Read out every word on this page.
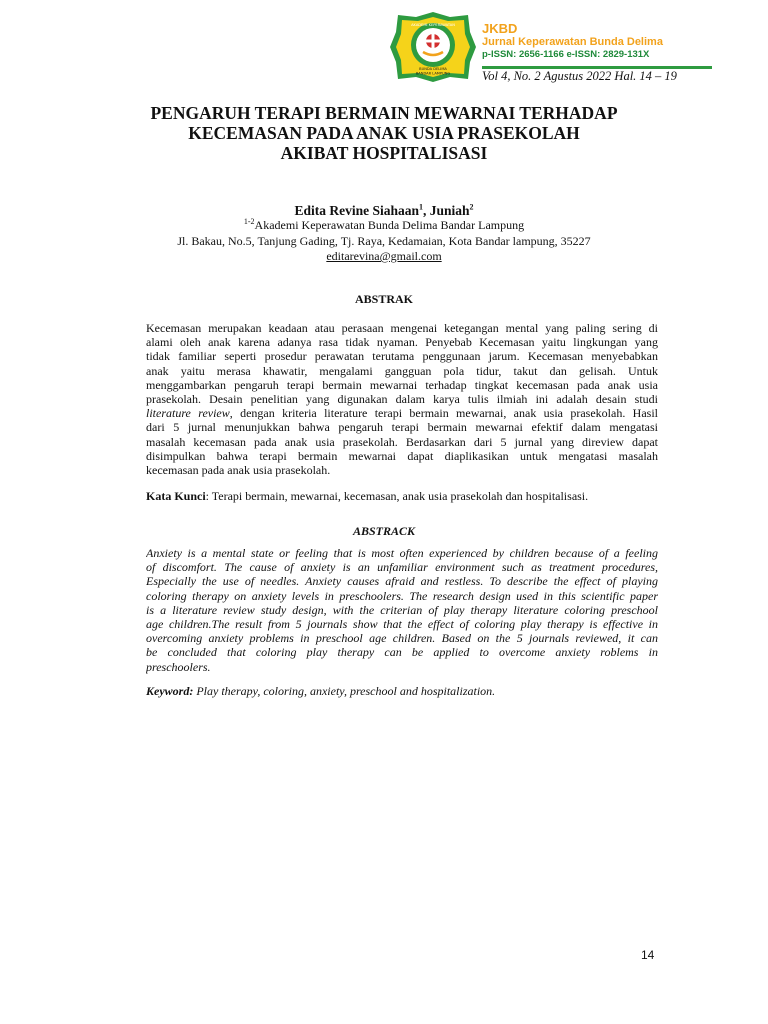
AKADEMI KEPERAWATAN
BUNDA DELIMA
BANDAR LAMPUNG
JKBD
Jurnal Keperawatan Bunda Delima
p-ISSN: 2656-1166 e-ISSN: 2829-131X
Vol 4, No. 2 Agustus 2022 Hal. 14 – 19
PENGARUH TERAPI BERMAIN MEWARNAI TERHADAP
KECEMASAN PADA ANAK USIA PRASEKOLAH
AKIBAT HOSPITALISASI
Edita Revine Siahaan$^1$, Juniah$^2$
$^{1-2}$Akademi Keperawatan Bunda Delima Bandar Lampung
Jl. Bakau, No.5, Tanjung Gading, Tj. Raya, Kedamaian, Kota Bandar lampung, 35227
editarevina@gmail.com
ABSTRAK
Kecemasan merupakan keadaan atau perasaan mengenai ketegangan mental yang paling sering di
alami oleh anak karena adanya rasa tidak nyaman. Penyebab Kecemasan yaitu lingkungan yang
tidak familiar seperti prosedur perawatan terutama penggunaan jarum. Kecemasan menyebabkan
anak yaitu merasa khawatir, mengalami gangguan pola tidur, takut dan gelisah. Untuk
menggambarkan pengaruh terapi bermain mewarnai terhadap tingkat kecemasan pada anak usia
prasekolah. Desain penelitian yang digunakan dalam karya tulis ilmiah ini adalah desain studi
literature review, dengan kriteria literature terapi bermain mewarnai, anak usia prasekolah. Hasil
dari 5 jurnal menunjukkan bahwa pengaruh terapi bermain mewarnai efektif dalam mengatasi
masalah kecemasan pada anak usia prasekolah. Berdasarkan dari 5 jurnal yang direview dapat
disimpulkan bahwa terapi bermain mewarnai dapat diaplikasikan untuk mengatasi masalah
kecemasan pada anak usia prasekolah.
Kata Kunci: Terapi bermain, mewarnai, kecemasan, anak usia prasekolah dan hospitalisasi.
ABSTRACK
Anxiety is a mental state or feeling that is most often experienced by children because of a feeling
of discomfort. The cause of anxiety is an unfamiliar environment such as treatment procedures,
Especially the use of needles. Anxiety causes afraid and restless. To describe the effect of playing
coloring therapy on anxiety levels in preschoolers. The research design used in this scientific paper
is a literature review study design, with the criterian of play therapy literature coloring preschool
age children.The result from 5 journals show that the effect of coloring play therapy is effective in
overcoming anxiety problems in preschool age children. Based on the 5 journals reviewed, it can
be concluded that coloring play therapy can be applied to overcome anxiety roblems in
preschoolers.
Keyword: Play therapy, coloring, anxiety, preschool and hospitalization.
14
